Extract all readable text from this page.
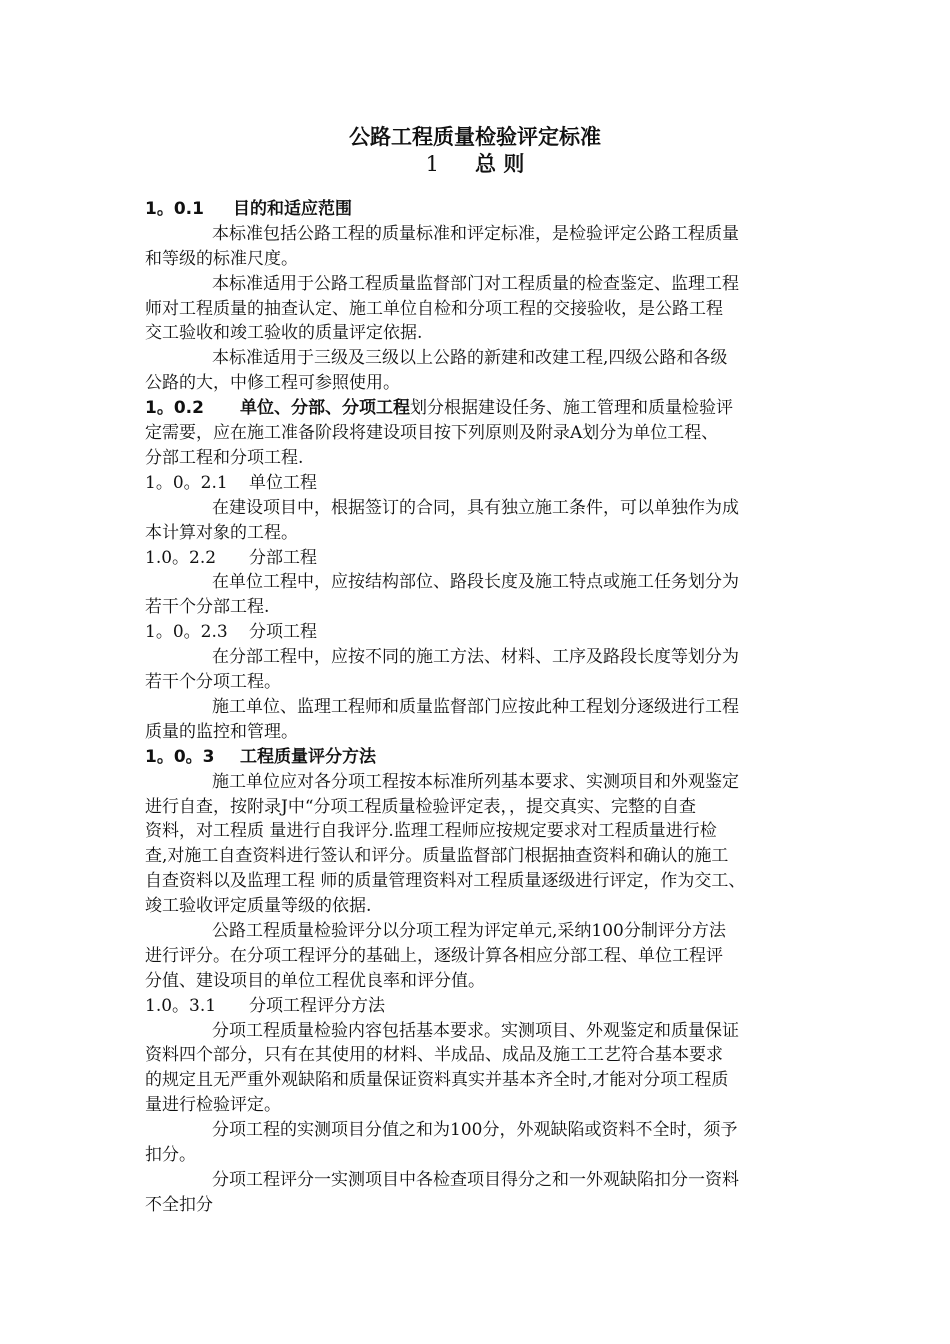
公路工程质量检验评定标准
1 总 则
1。0.1 目的和适应范围
本标准包括公路工程的质量标准和评定标准，是检验评定公路工程质量
和等级的标准尺度。
本标准适用于公路工程质量监督部门对工程质量的检查鉴定、监理工程
师对工程质量的抽查认定、施工单位自检和分项工程的交接验收，是公路工程
交工验收和竣工验收的质量评定依据.
本标准适用于三级及三级以上公路的新建和改建工程,四级公路和各级
公路的大，中修工程可参照使用。
1。0.2 单位、分部、分项工程划分根据建设任务、施工管理和质量检验评
定需要，应在施工准备阶段将建设项目按下列原则及附录A划分为单位工程、
分部工程和分项工程.
1。0。2.1 单位工程
在建设项目中，根据签订的合同，具有独立施工条件，可以单独作为成
本计算对象的工程。
1.0。2.2 分部工程
在单位工程中，应按结构部位、路段长度及施工特点或施工任务划分为
若干个分部工程.
1。0。2.3 分项工程
在分部工程中，应按不同的施工方法、材料、工序及路段长度等划分为
若干个分项工程。
施工单位、监理工程师和质量监督部门应按此种工程划分逐级进行工程
质量的监控和管理。
1。0。3 工程质量评分方法
施工单位应对各分项工程按本标准所列基本要求、实测项目和外观鉴定
进行自查，按附录J中“分项工程质量检验评定表，，提交真实、完整的自查
资料，对工程质 量进行自我评分.监理工程师应按规定要求对工程质量进行检
查,对施工自查资料进行签认和评分。质量监督部门根据抽查资料和确认的施工
自查资料以及监理工程 师的质量管理资料对工程质量逐级进行评定，作为交工、
竣工验收评定质量等级的依据.
公路工程质量检验评分以分项工程为评定单元,采纳100分制评分方法
进行评分。在分项工程评分的基础上，逐级计算各相应分部工程、单位工程评
分值、建设项目的单位工程优良率和评分值。
1.0。3.1 分项工程评分方法
分项工程质量检验内容包括基本要求。实测项目、外观鉴定和质量保证
资料四个部分，只有在其使用的材料、半成品、成品及施工工艺符合基本要求
的规定且无严重外观缺陷和质量保证资料真实并基本齐全时,才能对分项工程质
量进行检验评定。
分项工程的实测项目分值之和为100分，外观缺陷或资料不全时，须予
扣分。
分项工程评分一实测项目中各检查项目得分之和一外观缺陷扣分一资料
不全扣分
